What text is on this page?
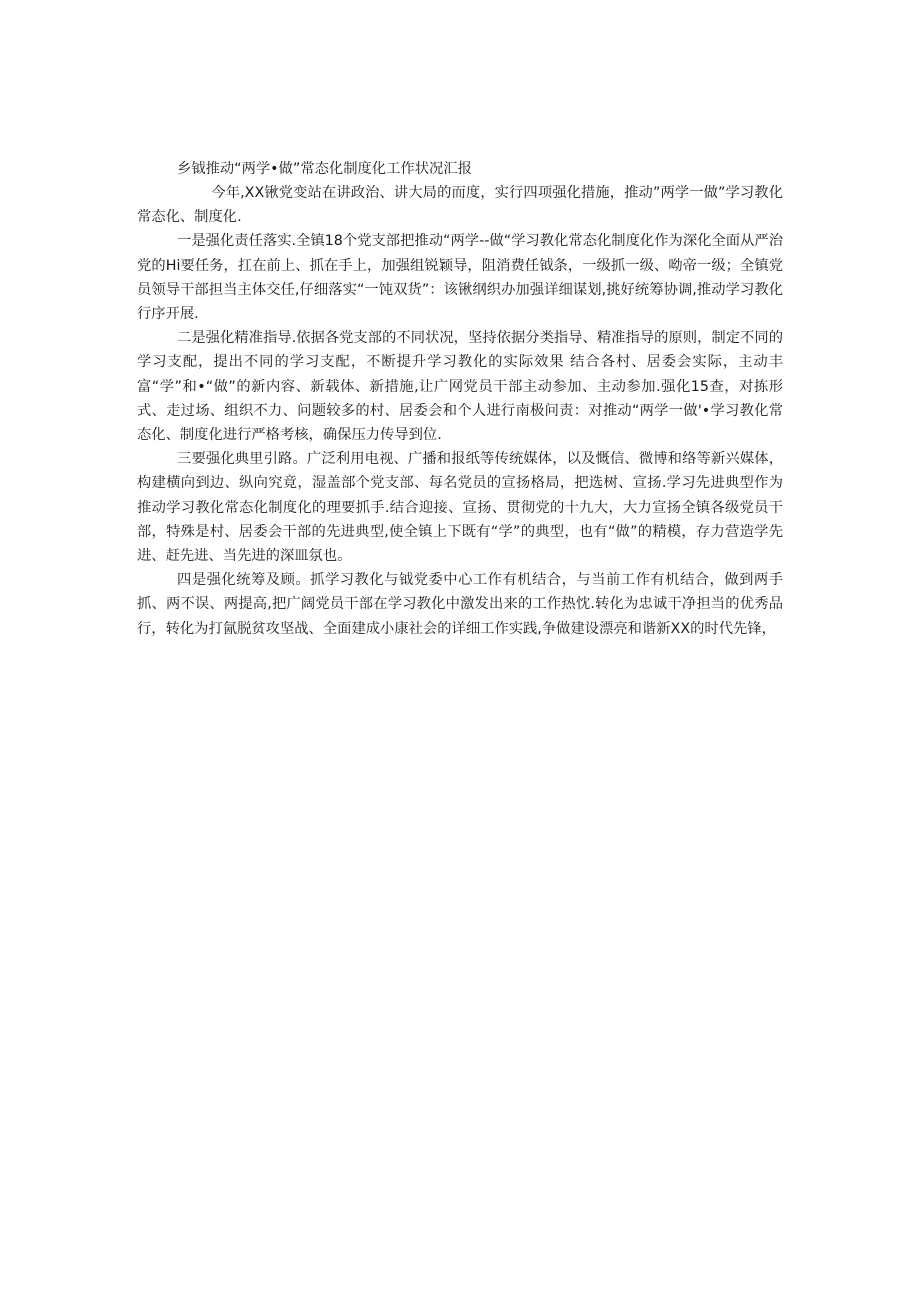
乡钺推动“两学•做”常态化制度化工作状况汇报

今年,XX锹党变站在讲政治、讲大局的而度，实行四项强化措施，推动”两学一做”学习教化常态化、制度化.

一是强化责任落实.全镇18个党支部把推动“两学--做“学习教化常态化制度化作为深化全面从严治党的Hi要任务，扛在前上、抓在手上，加强组锐颖导，阻消费任钺条，一级抓一级、呦帝一级；全镇党员领导干部担当主体交任,仔细落实“一饨双货”：该锹纲织办加强详细谋划,挑好统筹协调,推动学习教化行序开展.

二是强化精准指导.依据各党支部的不同状况，坚持依据分类指导、精准指导的原则，制定不同的学习支配，提出不同的学习支配，不断提升学习教化的实际效果 结合各村、居委会实际，主动丰富“学”和•“做”的新内容、新载体、新措施,让广网党员干部主动参加、主动参加.强化15查，对拣形式、走过场、组织不力、问题较多的村、居委会和个人进行南极问责：对推动“两学一做'•学习教化常态化、制度化进行严格考核，确保压力传导到位.

三要强化典里引路。广泛利用电视、广播和报纸等传统媒体，以及慨信、微博和络等新兴媒体，构建横向到边、纵向究竟，湿盖部个党支部、每名党员的宣扬格局，把选树、宣扬.学习先进典型作为推动学习教化常态化制度化的理要抓手.结合迎接、宣扬、贯彻党的十九大，大力宣扬全镇各级党员干部，特殊是村、居委会干部的先进典型,使全镇上下既有“学”的典型，也有“做”的精模，存力营造学先进、赶先进、当先进的深皿氛也。

四是强化统筹及顾。抓学习教化与钺党委中心工作有机结合，与当前工作有机结合，做到两手抓、两不误、两提高,把广阔党员干部在学习教化中激发出来的工作热忱.转化为忠诚干净担当的优秀品行，转化为打氤脱贫攻坚战、全面建成小康社会的详细工作实践,争做建设漂亮和谐新XX的时代先锋，
